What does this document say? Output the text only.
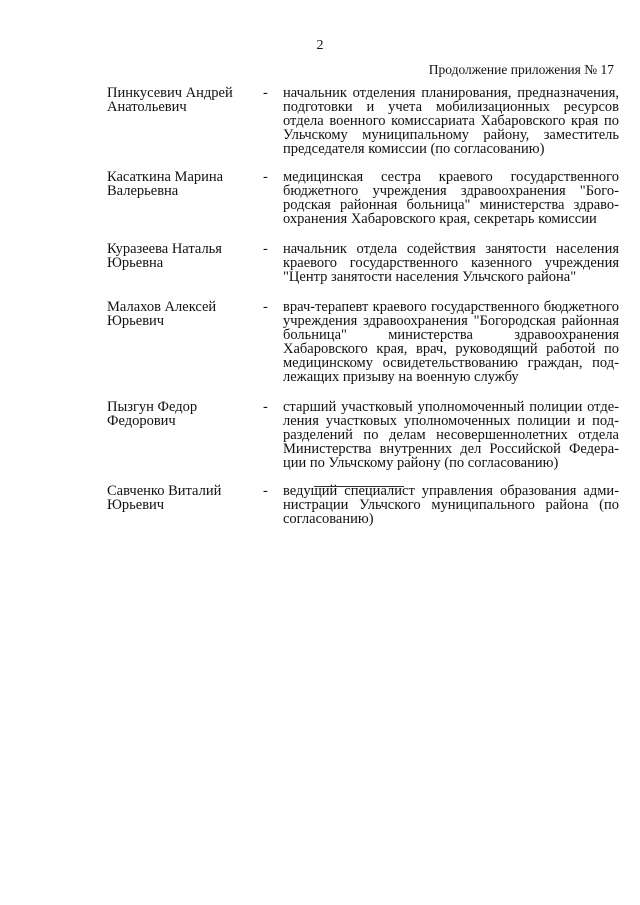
2
Продолжение приложения № 17
Пинкусевич Андрей Анатольевич
-	начальник отделения планирования, предназначения, подготовки и учета мобилизационных ресурсов отдела военного комиссариата Хабаровского края по Ульчскому муниципальному району, заместитель председателя комиссии (по согласованию)
Касаткина Марина Валерьевна
-	медицинская сестра краевого государственного бюджетного учреждения здравоохранения "Богородская районная больница" министерства здравоохранения Хабаровского края, секретарь комиссии
Куразеева Наталья Юрьевна
-	начальник отдела содействия занятости населения краевого государственного казенного учреждения "Центр занятости населения Ульчского района"
Малахов Алексей Юрьевич
-	врач-терапевт краевого государственного бюджетного учреждения здравоохранения "Богородская районная больница" министерства здравоохранения Хабаровского края, врач, руководящий работой по медицинскому освидетельствованию граждан, подлежащих призыву на военную службу
Пызгун Федор Федорович
-	старший участковый уполномоченный полиции отделения участковых уполномоченных полиции и подразделений по делам несовершеннолетних отдела Министерства внутренних дел Российской Федерации по Ульчскому району (по согласованию)
Савченко Виталий Юрьевич
-	ведущий специалист управления образования администрации Ульчского муниципального района (по согласованию)
